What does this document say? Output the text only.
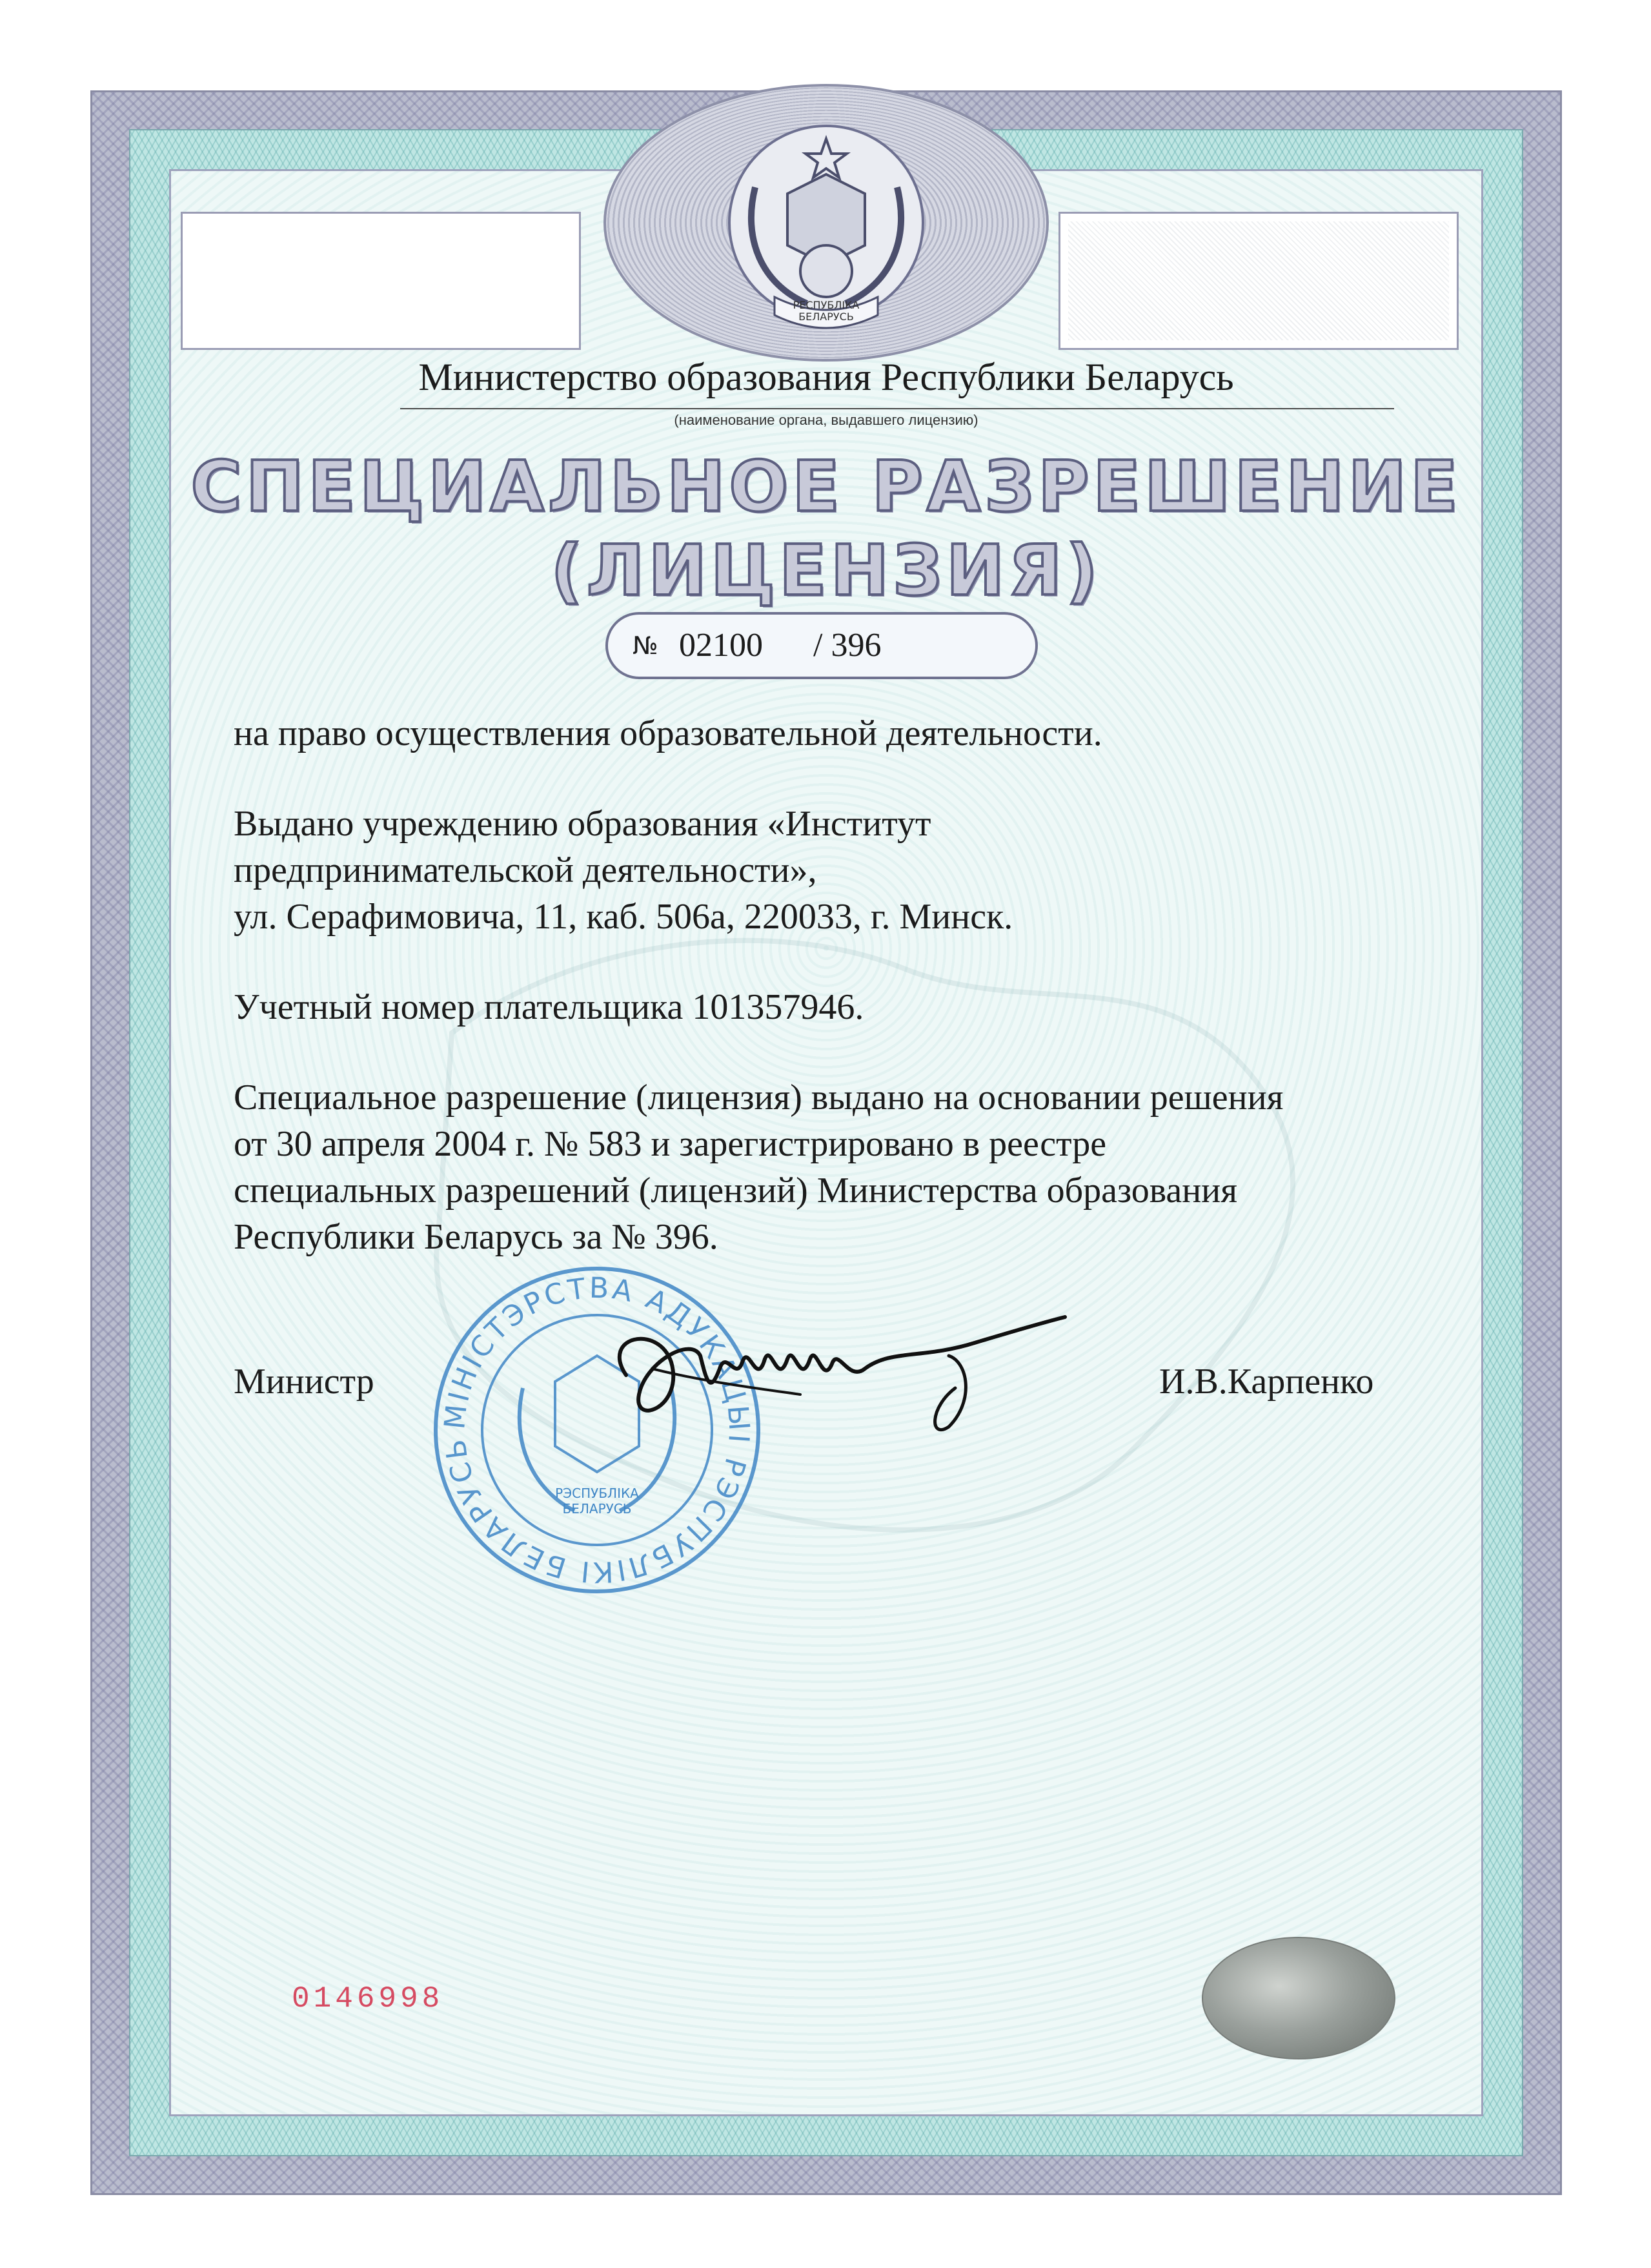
РЕСПУБЛІКА
БЕЛАРУСЬ
Министерство образования Республики Беларусь
(наименование органа, выдавшего лицензию)
СПЕЦИАЛЬНОЕ РАЗРЕШЕНИЕ
(ЛИЦЕНЗИЯ)
№ 02100 / 396
на право осуществления образовательной деятельности.
Выдано учреждению образования «Институт
предпринимательской деятельности»,
ул. Серафимовича, 11, каб. 506а, 220033, г. Минск.
Учетный номер плательщика 101357946.
Специальное разрешение (лицензия) выдано на основании решения
от 30 апреля 2004 г. № 583 и зарегистрировано в реестре
специальных разрешений (лицензий) Министерства образования
Республики Беларусь за № 396.
Министр	И.В.Карпенко
МІНІСТЭРСТВА АДУКАЦЫІ РЭСПУБЛІКІ БЕЛАРУСЬ
РЭСПУБЛІКА
БЕЛАРУСЬ
0146998
